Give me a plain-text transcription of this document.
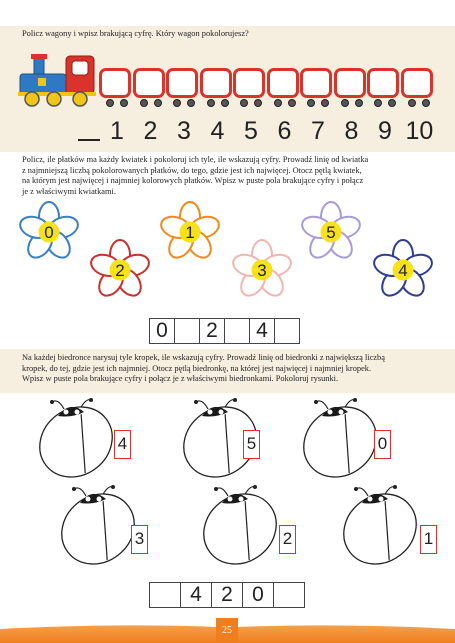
Policz wagony i wpisz brakującą cyfrę. Który wagon pokolorujesz?

1 2 3 4 5 6 7 8 9 10
Policz, ile płatków ma każdy kwiatek i pokoloruj ich tyle, ile wskazują cyfry. Prowadź linię od kwiatka
z najmniejszą liczbą pokolorowanych płatków, do tego, gdzie jest ich najwięcej. Otocz pętlą kwiatek,
na którym jest najwięcej i najmniej kolorowych płatków. Wpisz w puste pola brakujące cyfry i połącz
je z właściwymi kwiatkami.
0
2
1
3
5
4
0	2	4
Na każdej biedronce narysuj tyle kropek, ile wskazują cyfry. Prowadź linię od biedronki z największą liczbą
kropek, do tej, gdzie jest ich najmniej. Otocz pętlą biedronkę, na której jest najwięcej i najmniej kropek.
Wpisz w puste pola brakujące cyfry i połącz je z właściwymi biedronkami. Pokoloruj rysunki.
4	5	0
3	2	1
4 2 0
25
